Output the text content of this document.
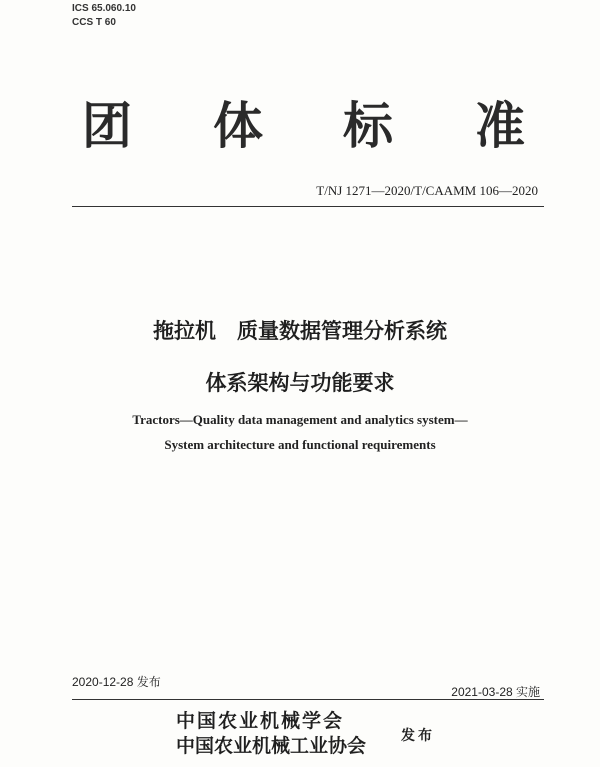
ICS 65.060.10
CCS T 60
团 体 标 准
T/NJ 1271—2020/T/CAAMM 106—2020
拖拉机　质量数据管理分析系统
体系架构与功能要求
Tractors—Quality data management and analytics system—
System architecture and functional requirements
2020-12-28 发布
2021-03-28 实施
中国农业机械学会
中国农业机械工业协会 发布
